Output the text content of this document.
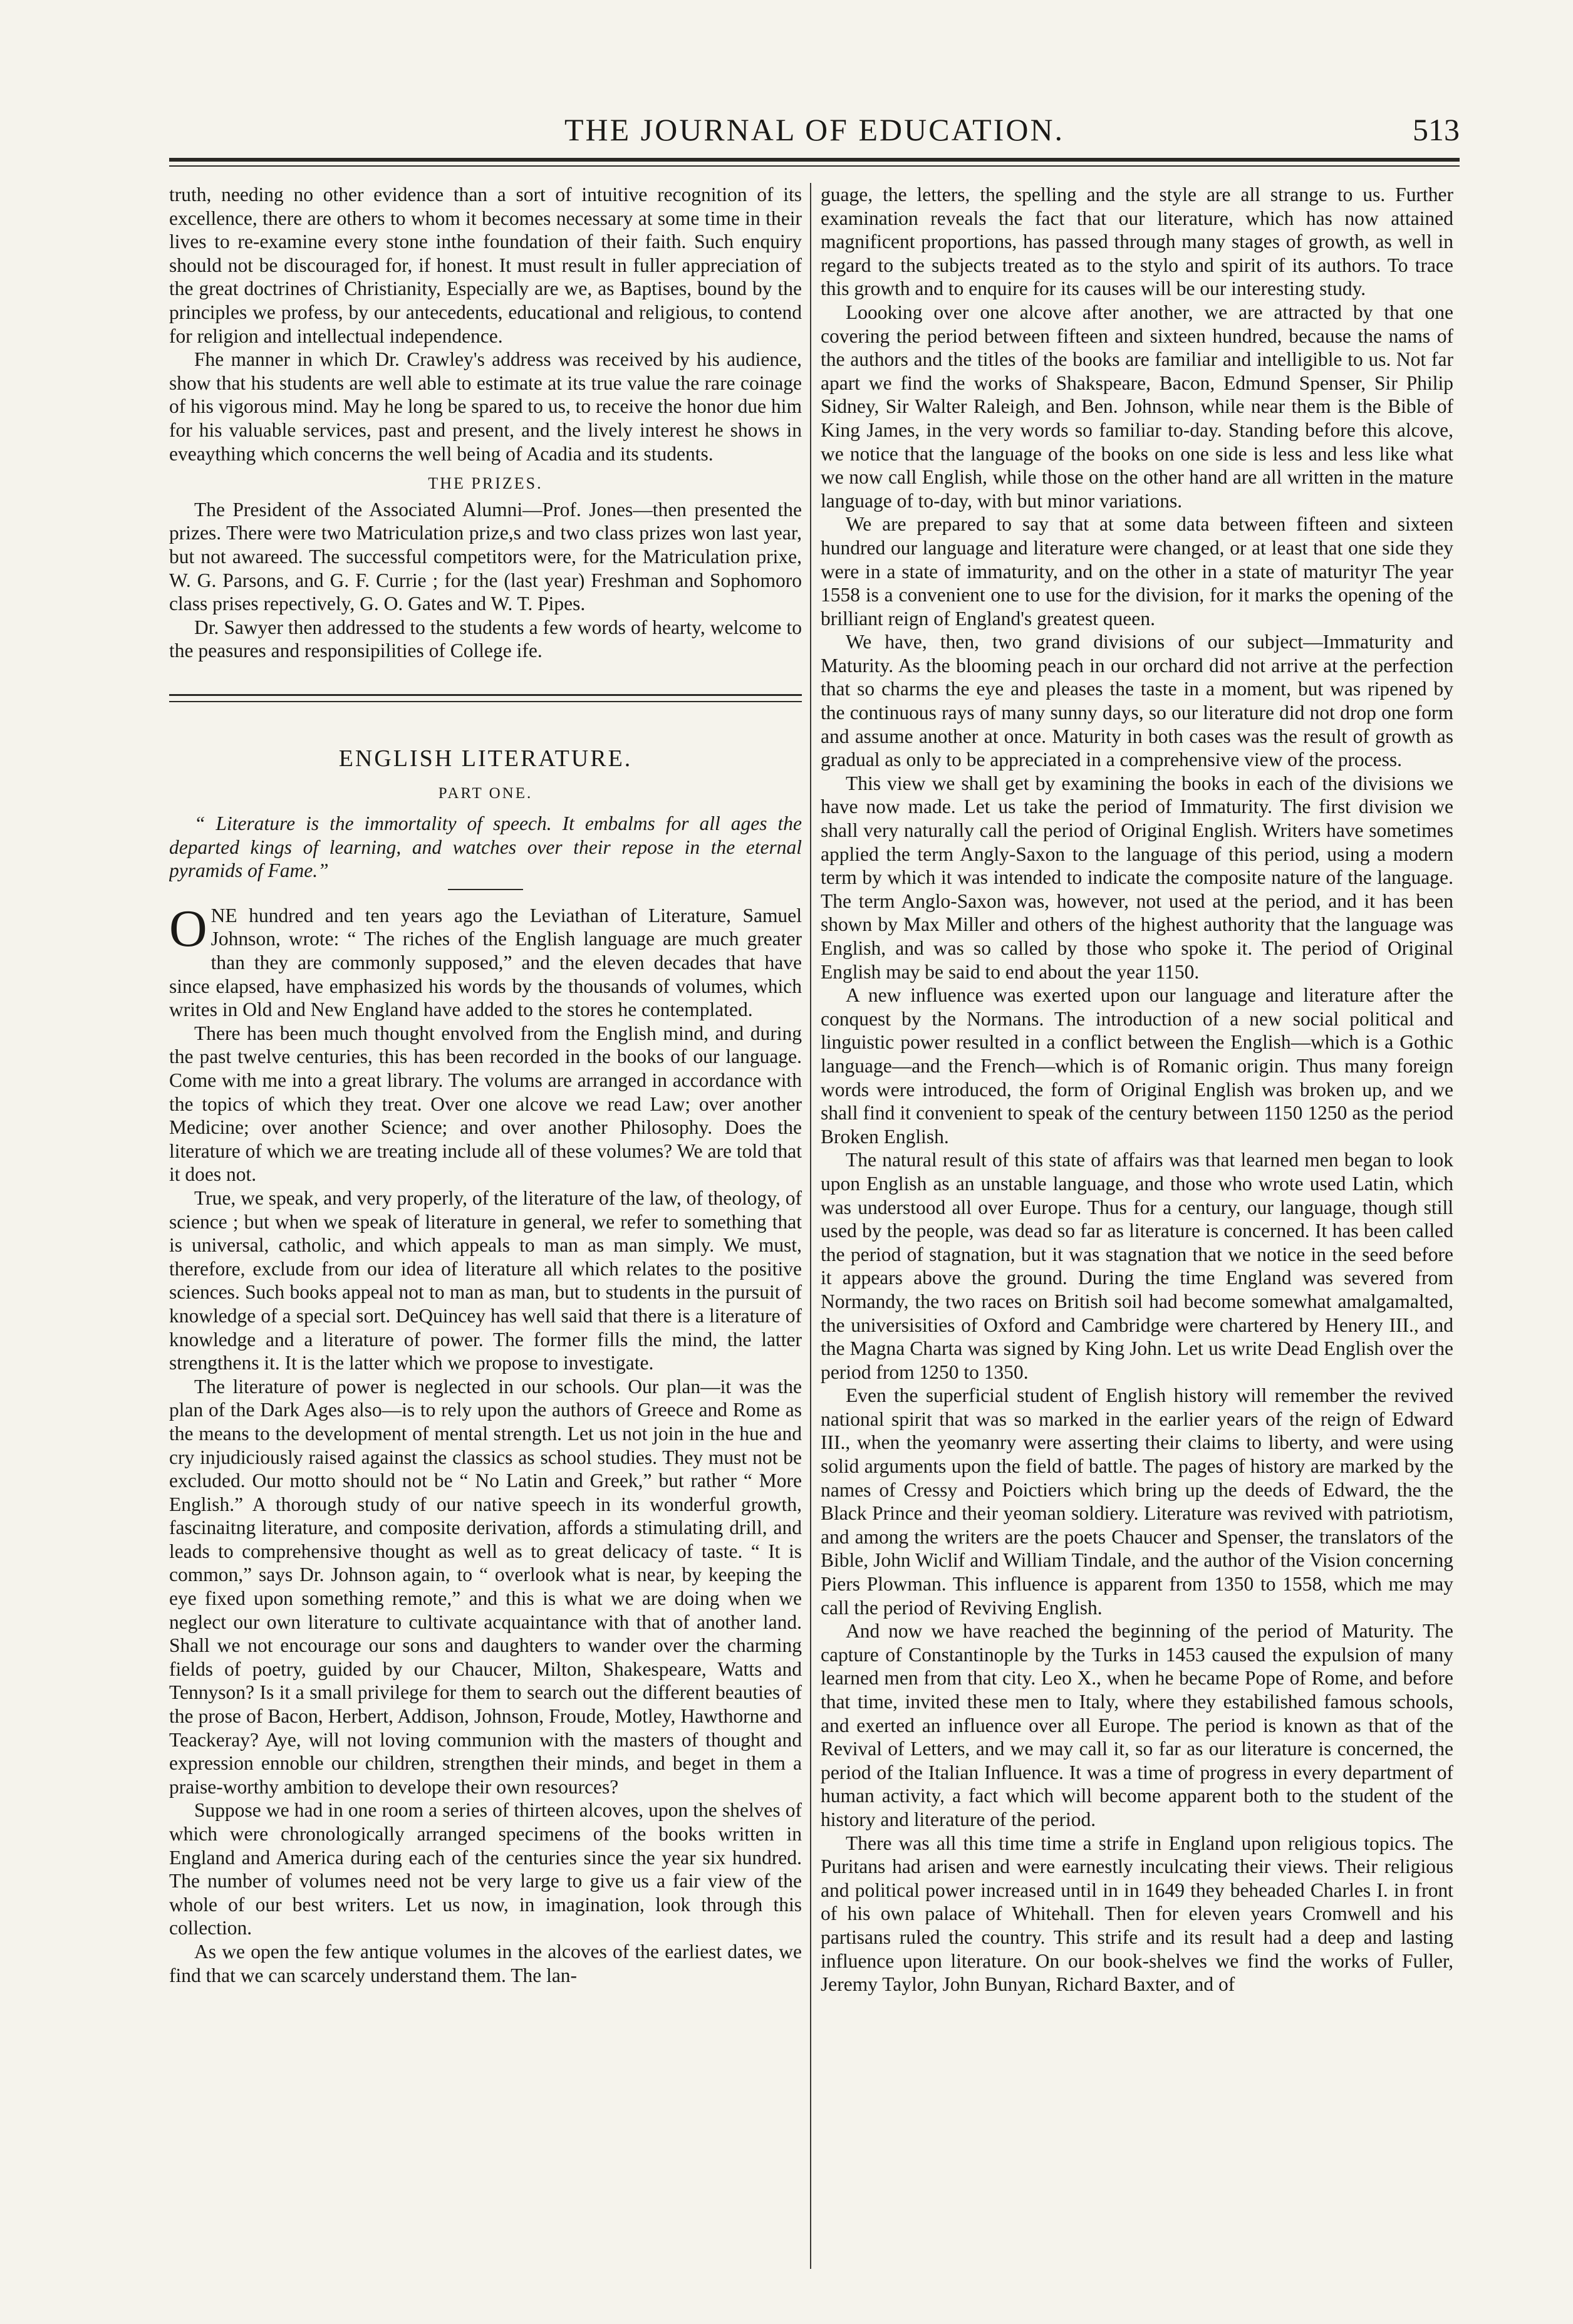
THE JOURNAL OF EDUCATION.	513

truth, needing no other evidence than a sort of intuitive recognition of its excellence, there are others to whom it becomes necessary at some time in their lives to re-examine every stone inthe foundation of their faith. Such enquiry should not be discouraged for, if honest. It must result in fuller appreciation of the great doctrines of Christianity, Especially are we, as Baptises, bound by the principles we profess, by our antecedents, educational and religious, to contend for religion and intellectual independence.

Fhe manner in which Dr. Crawley's address was received by his audience, show that his students are well able to estimate at its true value the rare coinage of his vigorous mind. May he long be spared to us, to receive the honor due him for his valuable services, past and present, and the lively interest he shows in eveaything which concerns the well being of Acadia and its students.

THE PRIZES.

The President of the Associated Alumni—Prof. Jones—then presented the prizes. There were two Matriculation prize,s and two class prizes won last year, but not awareed. The successful competitors were, for the Matriculation prixe, W. G. Parsons, and G. F. Currie ; for the (last year) Freshman and Sophomoro class prises repectively, G. O. Gates and W. T. Pipes.

Dr. Sawyer then addressed to the students a few words of hearty, welcome to the peasures and responsipilities of College ife.

ENGLISH LITERATURE.
PART ONE.

“ Literature is the immortality of speech. It embalms for all ages the departed kings of learning, and watches over their repose in the eternal pyramids of Fame.”

ONE hundred and ten years ago the Leviathan of Literature, Samuel Johnson, wrote: “ The riches of the English language are much greater than they are commonly supposed,” and the eleven decades that have since elapsed, have emphasized his words by the thousands of volumes, which writes in Old and New England have added to the stores he contemplated.

There has been much thought envolved from the English mind, and during the past twelve centuries, this has been recorded in the books of our language. Come with me into a great library. The volums are arranged in accordance with the topics of which they treat. Over one alcove we read Law; over another Medicine; over another Science; and over another Philosophy. Does the literature of which we are treating include all of these volumes? We are told that it does not.

True, we speak, and very properly, of the literature of the law, of theology, of science ; but when we speak of literature in general, we refer to something that is universal, catholic, and which appeals to man as man simply. We must, therefore, exclude from our idea of literature all which relates to the positive sciences. Such books appeal not to man as man, but to students in the pursuit of knowledge of a special sort. DeQuincey has well said that there is a literature of knowledge and a literature of power. The former fills the mind, the latter strengthens it. It is the latter which we propose to investigate.

The literature of power is neglected in our schools. Our plan—it was the plan of the Dark Ages also—is to rely upon the authors of Greece and Rome as the means to the development of mental strength. Let us not join in the hue and cry injudiciously raised against the classics as school studies. They must not be excluded. Our motto should not be “ No Latin and Greek,” but rather “ More English.” A thorough study of our native speech in its wonderful growth, fascinaitng literature, and composite derivation, affords a stimulating drill, and leads to comprehensive thought as well as to great delicacy of taste. “ It is common,” says Dr. Johnson again, to “ overlook what is near, by keeping the eye fixed upon something remote,” and this is what we are doing when we neglect our own literature to cultivate acquaintance with that of another land. Shall we not encourage our sons and daughters to wander over the charming fields of poetry, guided by our Chaucer, Milton, Shakespeare, Watts and Tennyson? Is it a small privilege for them to search out the different beauties of the prose of Bacon, Herbert, Addison, Johnson, Froude, Motley, Hawthorne and Teackeray? Aye, will not loving communion with the masters of thought and expression ennoble our children, strengthen their minds, and beget in them a praise-worthy ambition to develope their own resources?

Suppose we had in one room a series of thirteen alcoves, upon the shelves of which were chronologically arranged specimens of the books written in England and America during each of the centuries since the year six hundred. The number of volumes need not be very large to give us a fair view of the whole of our best writers. Let us now, in imagination, look through this collection.

As we open the few antique volumes in the alcoves of the earliest dates, we find that we can scarcely understand them. The lan-

guage, the letters, the spelling and the style are all strange to us. Further examination reveals the fact that our literature, which has now attained magnificent proportions, has passed through many stages of growth, as well in regard to the subjects treated as to the stylo and spirit of its authors. To trace this growth and to enquire for its causes will be our interesting study.

Loooking over one alcove after another, we are attracted by that one covering the period between fifteen and sixteen hundred, because the nams of the authors and the titles of the books are familiar and intelligible to us. Not far apart we find the works of Shakspeare, Bacon, Edmund Spenser, Sir Philip Sidney, Sir Walter Raleigh, and Ben. Johnson, while near them is the Bible of King James, in the very words so familiar to-day. Standing before this alcove, we notice that the language of the books on one side is less and less like what we now call English, while those on the other hand are all written in the mature language of to-day, with but minor variations.

We are prepared to say that at some data between fifteen and sixteen hundred our language and literature were changed, or at least that one side they were in a state of immaturity, and on the other in a state of maturityr The year 1558 is a convenient one to use for the division, for it marks the opening of the brilliant reign of England's greatest queen.

We have, then, two grand divisions of our subject—Immaturity and Maturity. As the blooming peach in our orchard did not arrive at the perfection that so charms the eye and pleases the taste in a moment, but was ripened by the continuous rays of many sunny days, so our literature did not drop one form and assume another at once. Maturity in both cases was the result of growth as gradual as only to be appreciated in a comprehensive view of the process.

This view we shall get by examining the books in each of the divisions we have now made. Let us take the period of Immaturity. The first division we shall very naturally call the period of Original English. Writers have sometimes applied the term Angly-Saxon to the language of this period, using a modern term by which it was intended to indicate the composite nature of the language. The term Anglo-Saxon was, however, not used at the period, and it has been shown by Max Miller and others of the highest authority that the language was English, and was so called by those who spoke it. The period of Original English may be said to end about the year 1150.

A new influence was exerted upon our language and literature after the conquest by the Normans. The introduction of a new social political and linguistic power resulted in a conflict between the English—which is a Gothic language—and the French—which is of Romanic origin. Thus many foreign words were introduced, the form of Original English was broken up, and we shall find it convenient to speak of the century between 1150 1250 as the period Broken English.

The natural result of this state of affairs was that learned men began to look upon English as an unstable language, and those who wrote used Latin, which was understood all over Europe. Thus for a century, our language, though still used by the people, was dead so far as literature is concerned. It has been called the period of stagnation, but it was stagnation that we notice in the seed before it appears above the ground. During the time England was severed from Normandy, the two races on British soil had become somewhat amalgamalted, the universisities of Oxford and Cambridge were chartered by Henery III., and the Magna Charta was signed by King John. Let us write Dead English over the period from 1250 to 1350.

Even the superficial student of English history will remember the revived national spirit that was so marked in the earlier years of the reign of Edward III., when the yeomanry were asserting their claims to liberty, and were using solid arguments upon the field of battle. The pages of history are marked by the names of Cressy and Poictiers which bring up the deeds of Edward, the the Black Prince and their yeoman soldiery. Literature was revived with patriotism, and among the writers are the poets Chaucer and Spenser, the translators of the Bible, John Wiclif and William Tindale, and the author of the Vision concerning Piers Plowman. This influence is apparent from 1350 to 1558, which me may call the period of Reviving English.

And now we have reached the beginning of the period of Maturity. The capture of Constantinople by the Turks in 1453 caused the expulsion of many learned men from that city. Leo X., when he became Pope of Rome, and before that time, invited these men to Italy, where they estabilished famous schools, and exerted an influence over all Europe. The period is known as that of the Revival of Letters, and we may call it, so far as our literature is concerned, the period of the Italian Influence. It was a time of progress in every department of human activity, a fact which will become apparent both to the student of the history and literature of the period.

There was all this time time a strife in England upon religious topics. The Puritans had arisen and were earnestly inculcating their views. Their religious and political power increased until in in 1649 they beheaded Charles I. in front of his own palace of Whitehall. Then for eleven years Cromwell and his partisans ruled the country. This strife and its result had a deep and lasting influence upon literature. On our book-shelves we find the works of Fuller, Jeremy Taylor, John Bunyan, Richard Baxter, and of
